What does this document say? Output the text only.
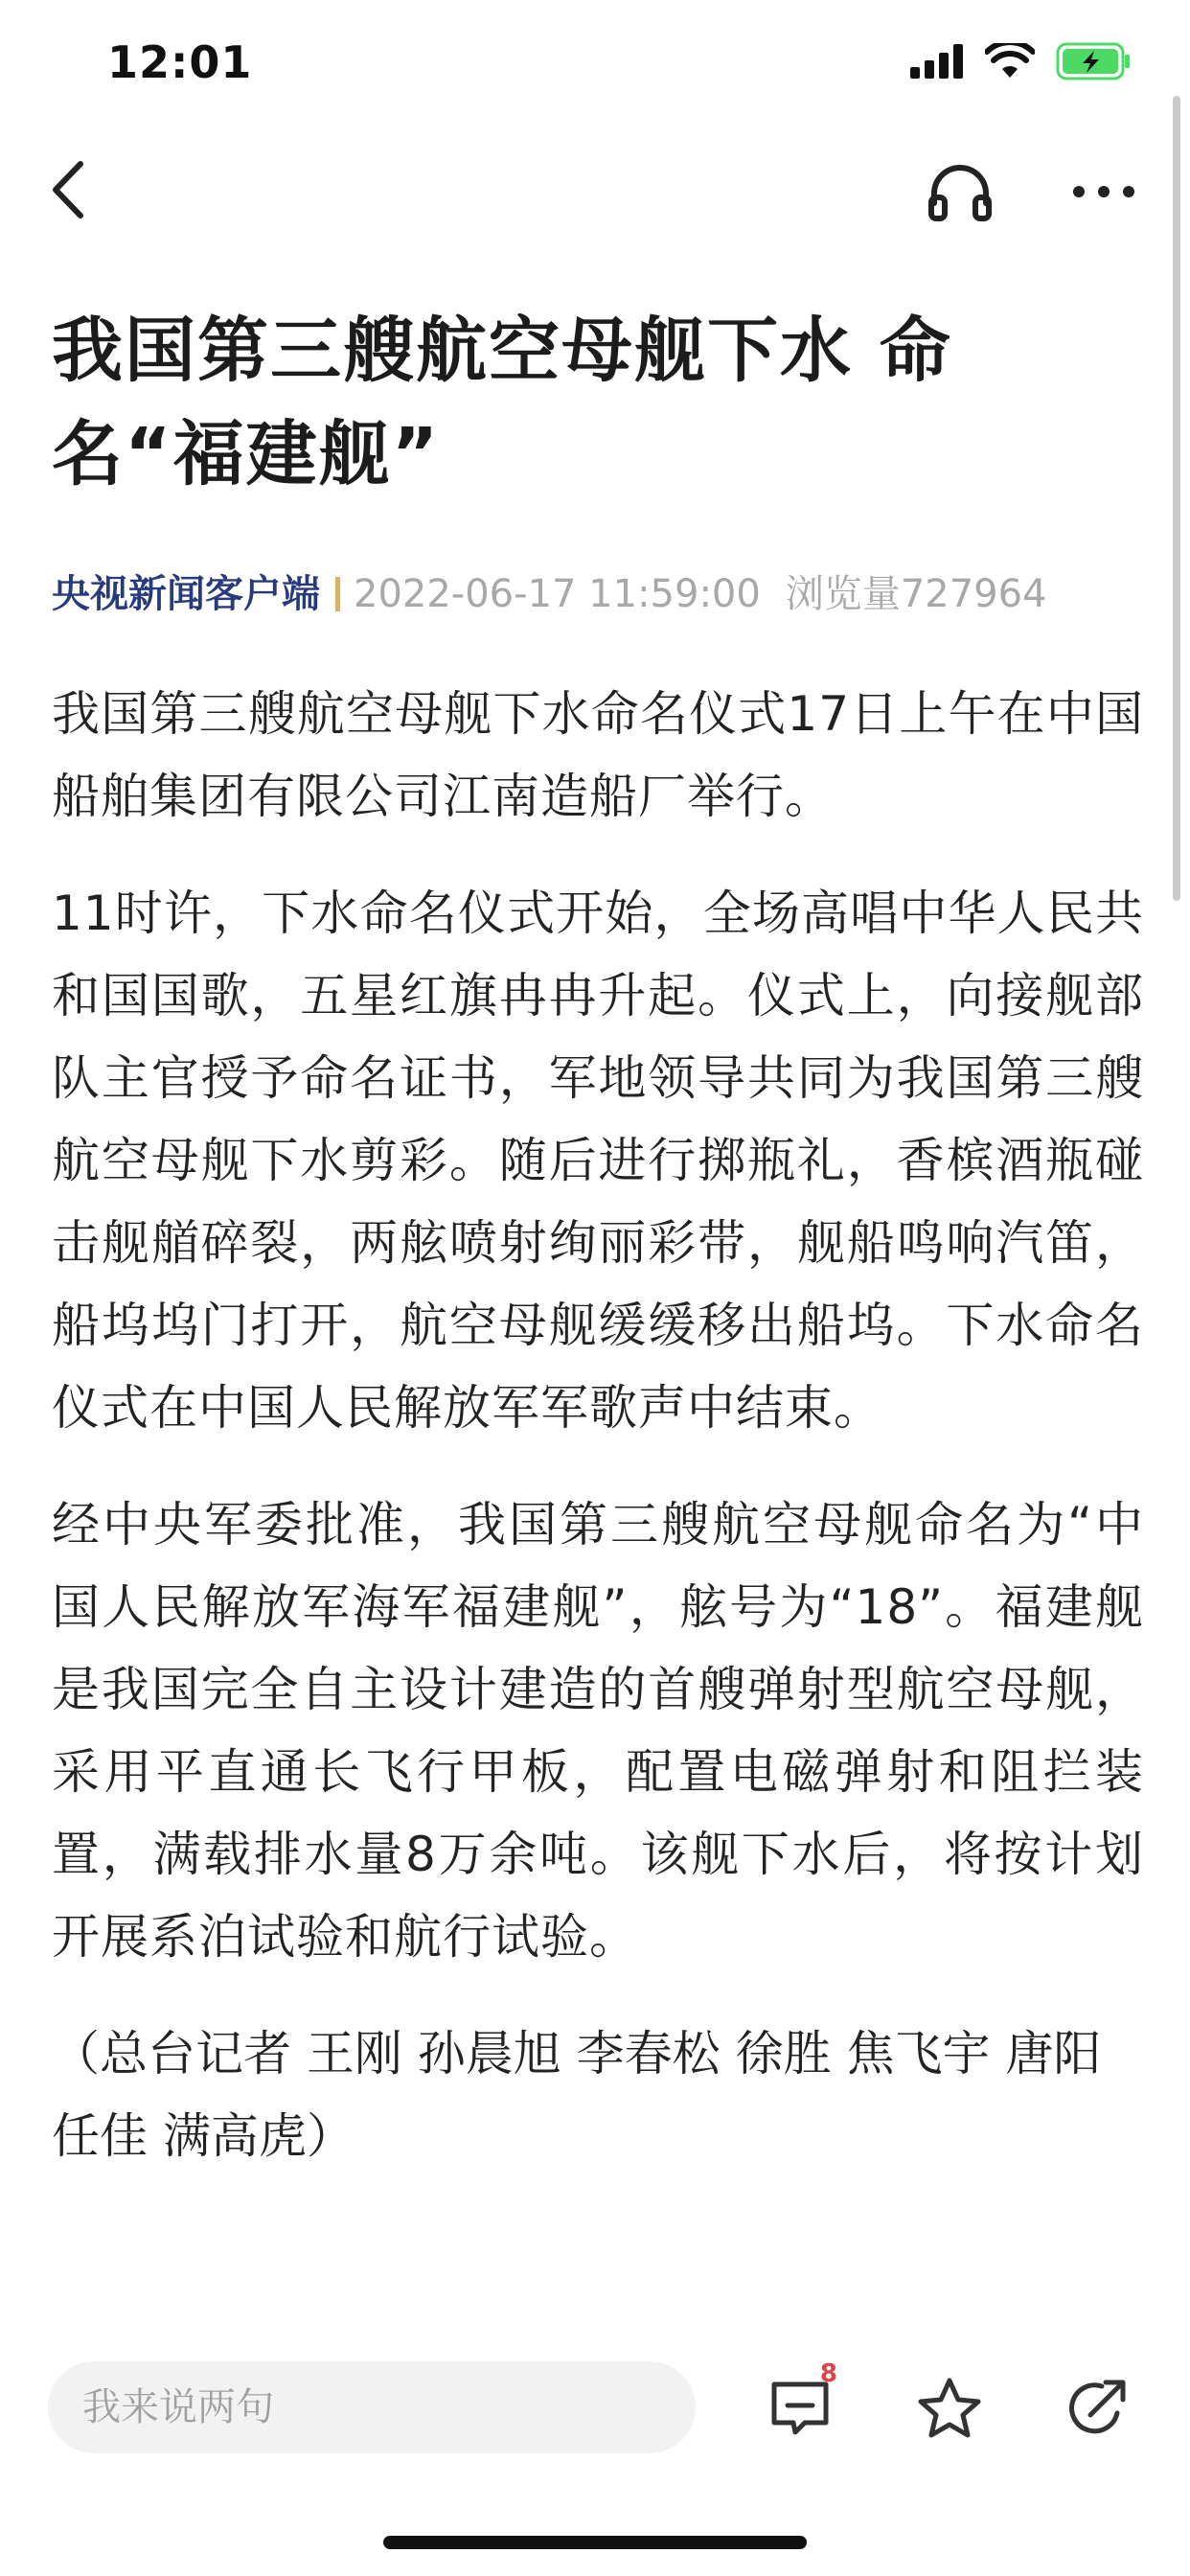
12:01
我国第三艘航空母舰下水 命名“福建舰”
央视新闻客户端 2022-06-17 11:59:00 浏览量727964

我国第三艘航空母舰下水命名仪式17日上午在中国船舶集团有限公司江南造船厂举行。

11时许，下水命名仪式开始，全场高唱中华人民共和国国歌，五星红旗冉冉升起。仪式上，向接舰部队主官授予命名证书，军地领导共同为我国第三艘航空母舰下水剪彩。随后进行掷瓶礼，香槟酒瓶碰击舰艏碎裂，两舷喷射绚丽彩带，舰船鸣响汽笛，船坞坞门打开，航空母舰缓缓移出船坞。下水命名仪式在中国人民解放军军歌声中结束。

经中央军委批准，我国第三艘航空母舰命名为“中国人民解放军海军福建舰”，舷号为“18”。福建舰是我国完全自主设计建造的首艘弹射型航空母舰，采用平直通长飞行甲板，配置电磁弹射和阻拦装置，满载排水量8万余吨。该舰下水后，将按计划开展系泊试验和航行试验。

（总台记者 王刚 孙晨旭 李春松 徐胜 焦飞宇 唐阳 任佳 满高虎）

我来说两句
8
